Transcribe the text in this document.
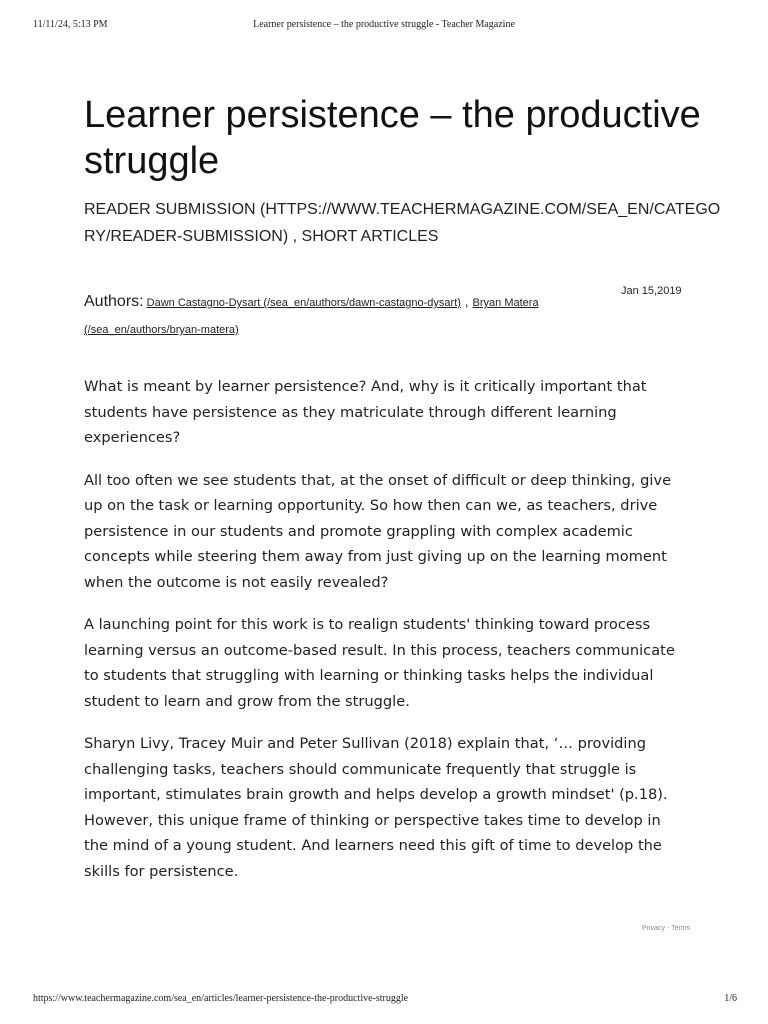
11/11/24, 5:13 PM	Learner persistence – the productive struggle - Teacher Magazine
Learner persistence – the productive struggle
READER SUBMISSION (HTTPS://WWW.TEACHERMAGAZINE.COM/SEA_EN/CATEGORY/READER-SUBMISSION) , SHORT ARTICLES
Authors: Dawn Castagno-Dysart (/sea_en/authors/dawn-castagno-dysart) , Bryan Matera (/sea_en/authors/bryan-matera)
Jan 15,2019

What is meant by learner persistence? And, why is it critically important that students have persistence as they matriculate through different learning experiences?

All too often we see students that, at the onset of difficult or deep thinking, give up on the task or learning opportunity. So how then can we, as teachers, drive persistence in our students and promote grappling with complex academic concepts while steering them away from just giving up on the learning moment when the outcome is not easily revealed?

A launching point for this work is to realign students' thinking toward process learning versus an outcome-based result. In this process, teachers communicate to students that struggling with learning or thinking tasks helps the individual student to learn and grow from the struggle.

Sharyn Livy, Tracey Muir and Peter Sullivan (2018) explain that, ‘… providing challenging tasks, teachers should communicate frequently that struggle is important, stimulates brain growth and helps develop a growth mindset' (p.18). However, this unique frame of thinking or perspective takes time to develop in the mind of a young student. And learners need this gift of time to develop the skills for persistence.

Privacy - Terms
https://www.teachermagazine.com/sea_en/articles/learner-persistence-the-productive-struggle	1/6
